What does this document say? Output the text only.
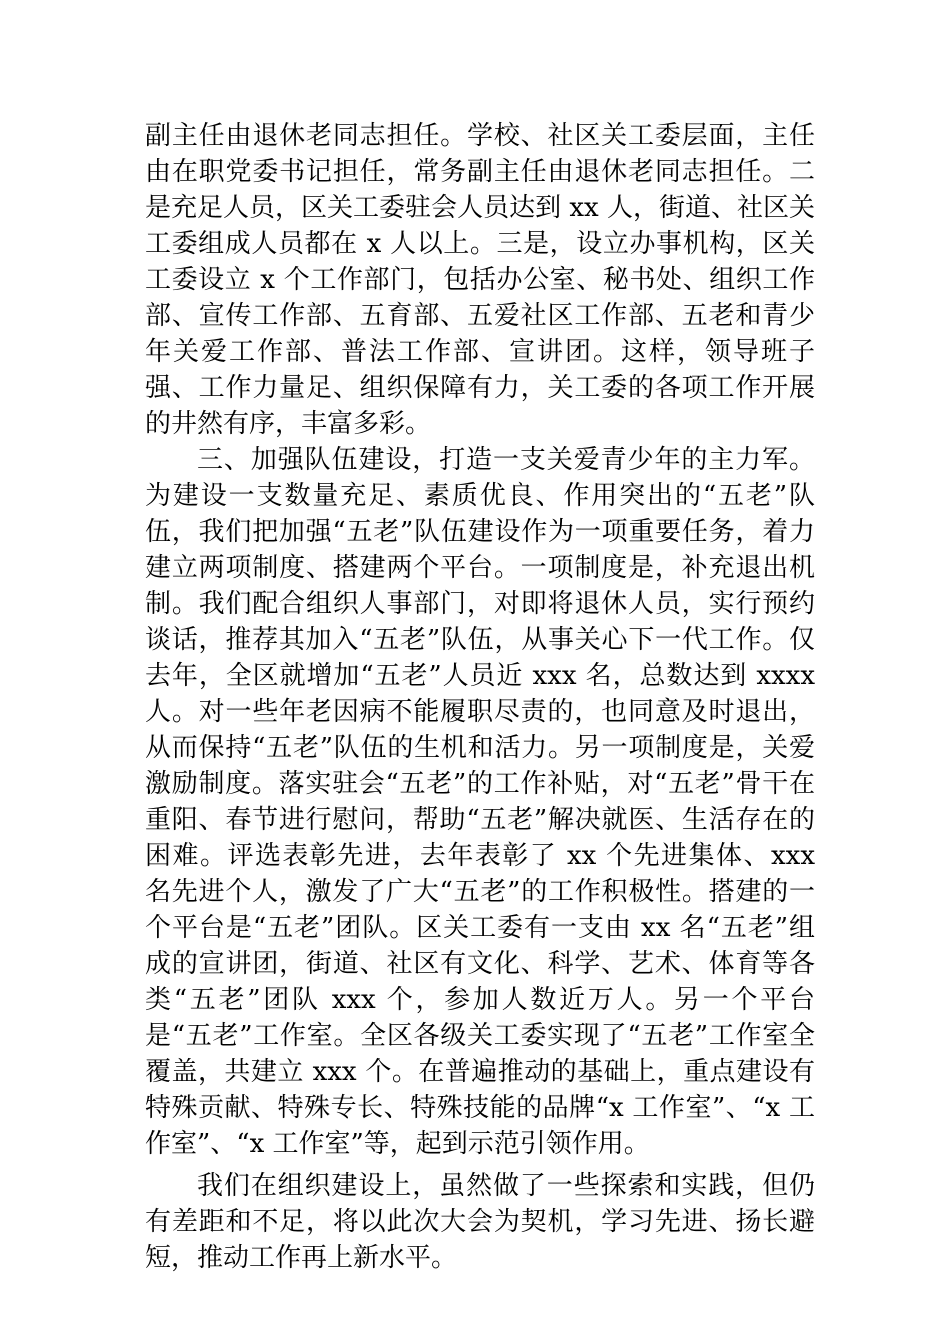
副主任由退休老同志担任。学校、社区关工委层面，主任由在职党委书记担任，常务副主任由退休老同志担任。二是充足人员，区关工委驻会人员达到 xx 人，街道、社区关工委组成人员都在 x 人以上。三是，设立办事机构，区关工委设立 x 个工作部门，包括办公室、秘书处、组织工作部、宣传工作部、五育部、五爱社区工作部、五老和青少年关爱工作部、普法工作部、宣讲团。这样，领导班子强、工作力量足、组织保障有力，关工委的各项工作开展的井然有序，丰富多彩。

三、加强队伍建设，打造一支关爱青少年的主力军。为建设一支数量充足、素质优良、作用突出的“五老”队伍，我们把加强“五老”队伍建设作为一项重要任务，着力建立两项制度、搭建两个平台。一项制度是，补充退出机制。我们配合组织人事部门，对即将退休人员，实行预约谈话，推荐其加入“五老”队伍，从事关心下一代工作。仅去年，全区就增加“五老”人员近 xxx 名，总数达到 xxxx 人。对一些年老因病不能履职尽责的，也同意及时退出，从而保持“五老”队伍的生机和活力。另一项制度是，关爱激励制度。落实驻会“五老”的工作补贴，对“五老”骨干在重阳、春节进行慰问，帮助“五老”解决就医、生活存在的困难。评选表彰先进，去年表彰了 xx 个先进集体、xxx 名先进个人，激发了广大“五老”的工作积极性。搭建的一个平台是“五老”团队。区关工委有一支由 xx 名“五老”组成的宣讲团，街道、社区有文化、科学、艺术、体育等各类“五老”团队 xxx 个，参加人数近万人。另一个平台是“五老”工作室。全区各级关工委实现了“五老”工作室全覆盖，共建立 xxx 个。在普遍推动的基础上，重点建设有特殊贡献、特殊专长、特殊技能的品牌“x 工作室”、“x 工作室”、“x 工作室”等，起到示范引领作用。

我们在组织建设上，虽然做了一些探索和实践，但仍有差距和不足，将以此次大会为契机，学习先进、扬长避短，推动工作再上新水平。
